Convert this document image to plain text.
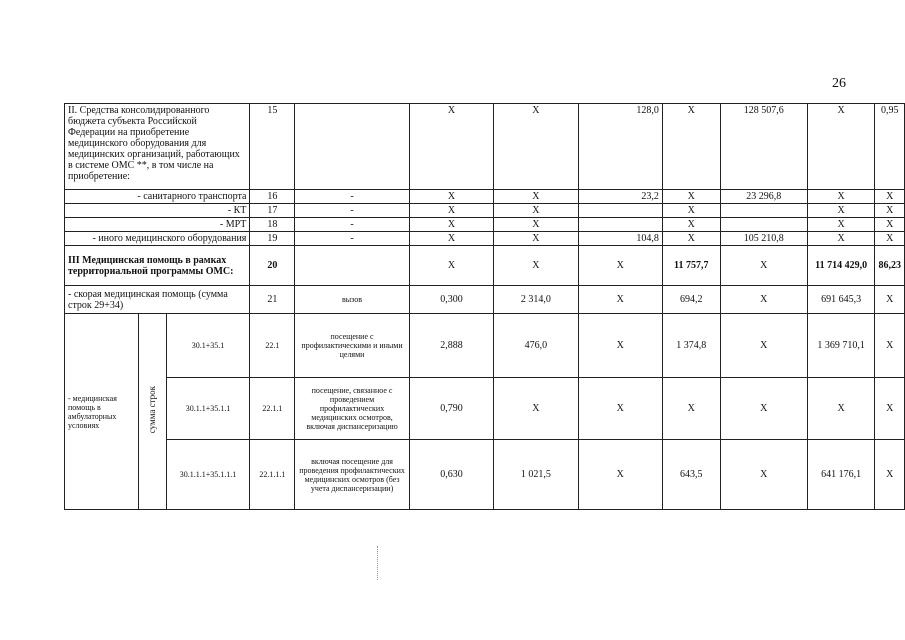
26
II. Средства консолидированного бюджета субъекта Российской Федерации на приобретение медицинского оборудования для медицинских организаций, работающих в системе ОМС **, в том числе на приобретение:			15		X	X	128,0	X	128 507,6	X	0,95
- санитарного транспорта			16	-	X	X	23,2	X	23 296,8	X	X
- КТ			17	-	X	X		X		X	X
- МРТ			18	-	X	X		X		X	X
- иного медицинского оборудования			19	-	X	X	104,8	X	105 210,8	X	X
III Медицинская помощь в рамках территориальной программы ОМС:			20		X	X	X	11 757,7	X	11 714 429,0	86,23
- скорая медицинская помощь (сумма строк 29+34)			21	вызов	0,300	2 314,0	X	694,2	X	691 645,3	X
- медицинская помощь в амбулаторных условиях	сумма строк	30.1+35.1	22.1	посещение с профилактическими и иными целями	2,888	476,0	X	1 374,8	X	1 369 710,1	X
		30.1.1+35.1.1	22.1.1	посещение, связанное с проведением профилактических медицинских осмотров, включая диспансеризацию	0,790	X	X	X	X	X	X
		30.1.1.1+35.1.1.1	22.1.1.1	включая посещение для проведения профилактических медицинских осмотров (без учета диспансеризации)	0,630	1 021,5	X	643,5	X	641 176,1	X
